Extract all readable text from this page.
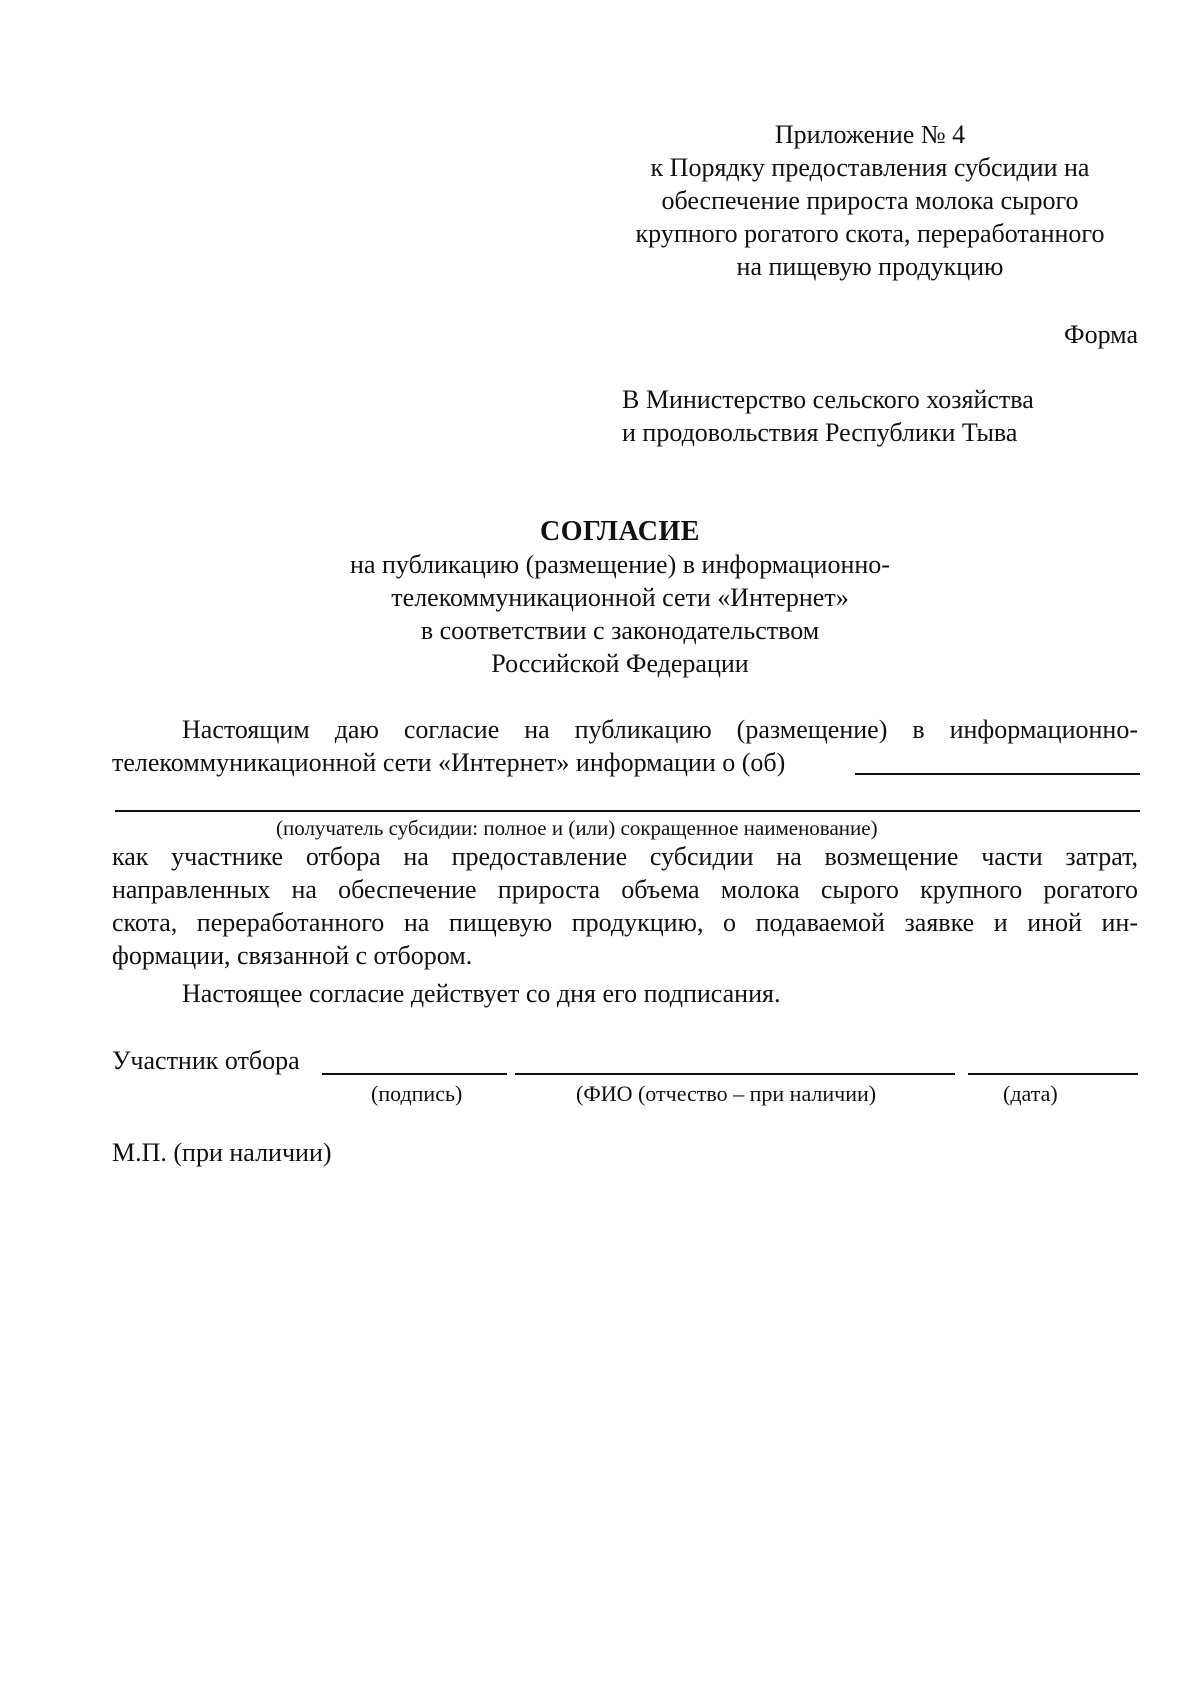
Приложение № 4
к Порядку предоставления субсидии на
обеспечение прироста молока сырого
крупного рогатого скота, переработанного
на пищевую продукцию
Форма
В Министерство сельского хозяйства
и продовольствия Республики Тыва
СОГЛАСИЕ
на публикацию (размещение) в информационно-
телекоммуникационной сети «Интернет»
в соответствии с законодательством
Российской Федерации
Настоящим даю согласие на публикацию (размещение) в информационно-
телекоммуникационной сети «Интернет» информации о (об)
(получатель субсидии: полное и (или) сокращенное наименование)
как участнике отбора на предоставление субсидии на возмещение части затрат,
направленных на обеспечение прироста объема молока сырого крупного рогатого
скота, переработанного на пищевую продукцию, о подаваемой заявке и иной ин-
формации, связанной с отбором.
Настоящее согласие действует со дня его подписания.
Участник отбора
(подпись)	(ФИО (отчество – при наличии)	(дата)
М.П. (при наличии)
